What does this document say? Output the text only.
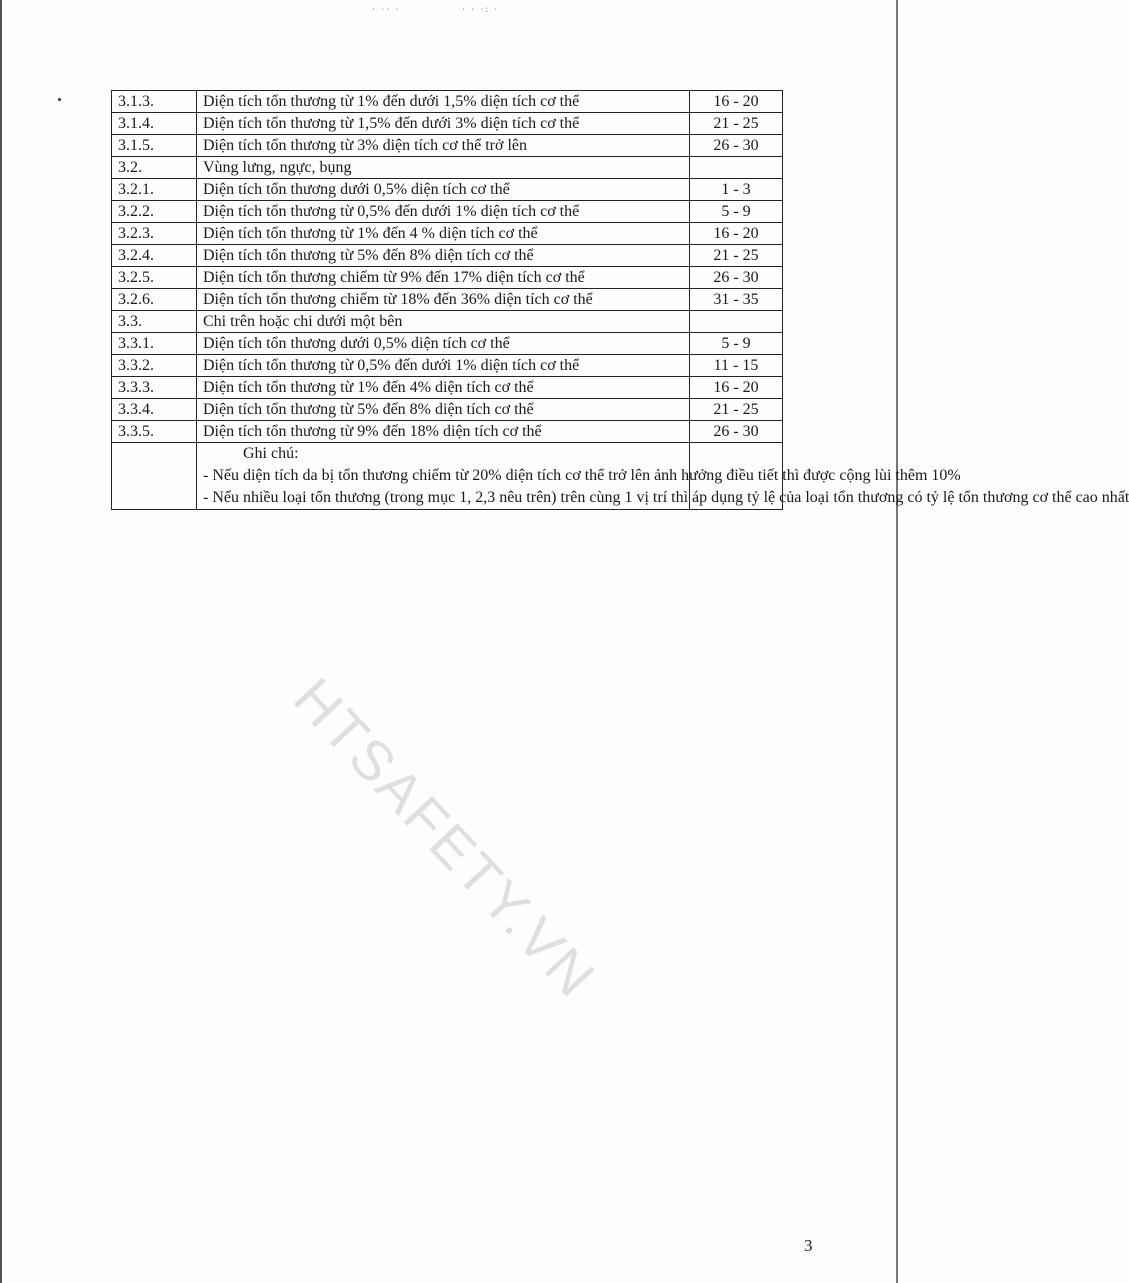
· ·· ·	· · ·: ·
3.1.3.	Diện tích tổn thương từ 1% đến dưới 1,5% diện tích cơ thể	16 - 20
3.1.4.	Diện tích tổn thương từ 1,5% đến dưới 3% diện tích cơ thể	21 - 25
3.1.5.	Diện tích tổn thương từ 3% diện tích cơ thể trở lên	26 - 30
3.2.	Vùng lưng, ngực, bụng	
3.2.1.	Diện tích tổn thương dưới 0,5% diện tích cơ thể	1 - 3
3.2.2.	Diện tích tổn thương từ 0,5% đến dưới 1% diện tích cơ thể	5 - 9
3.2.3.	Diện tích tổn thương từ 1% đến 4 % diện tích cơ thể	16 - 20
3.2.4.	Diện tích tổn thương từ 5% đến 8% diện tích cơ thể	21 - 25
3.2.5.	Diện tích tổn thương chiếm từ 9% đến 17% diện tích cơ thể	26 - 30
3.2.6.	Diện tích tổn thương chiếm từ 18% đến 36% diện tích cơ thể	31 - 35
3.3.	Chi trên hoặc chi dưới một bên	
3.3.1.	Diện tích tổn thương dưới 0,5% diện tích cơ thể	5 - 9
3.3.2.	Diện tích tổn thương từ 0,5% đến dưới 1% diện tích cơ thể	11 - 15
3.3.3.	Diện tích tổn thương từ 1% đến 4% diện tích cơ thể	16 - 20
3.3.4.	Diện tích tổn thương từ 5% đến 8% diện tích cơ thể	21 - 25
3.3.5.	Diện tích tổn thương từ 9% đến 18% diện tích cơ thể	26 - 30

	Ghi chú:
- Nếu diện tích da bị tổn thương chiếm từ 20% diện tích cơ thể trở lên ảnh hưởng điều tiết thì được cộng lùi thêm 10%
- Nếu nhiều loại tổn thương (trong mục 1, 2,3 nêu trên) trên cùng 1 vị trí thì áp dụng tỷ lệ của loại tổn thương có tỷ lệ tổn thương cơ thể cao nhất	

HTSAFETY.VN
3
